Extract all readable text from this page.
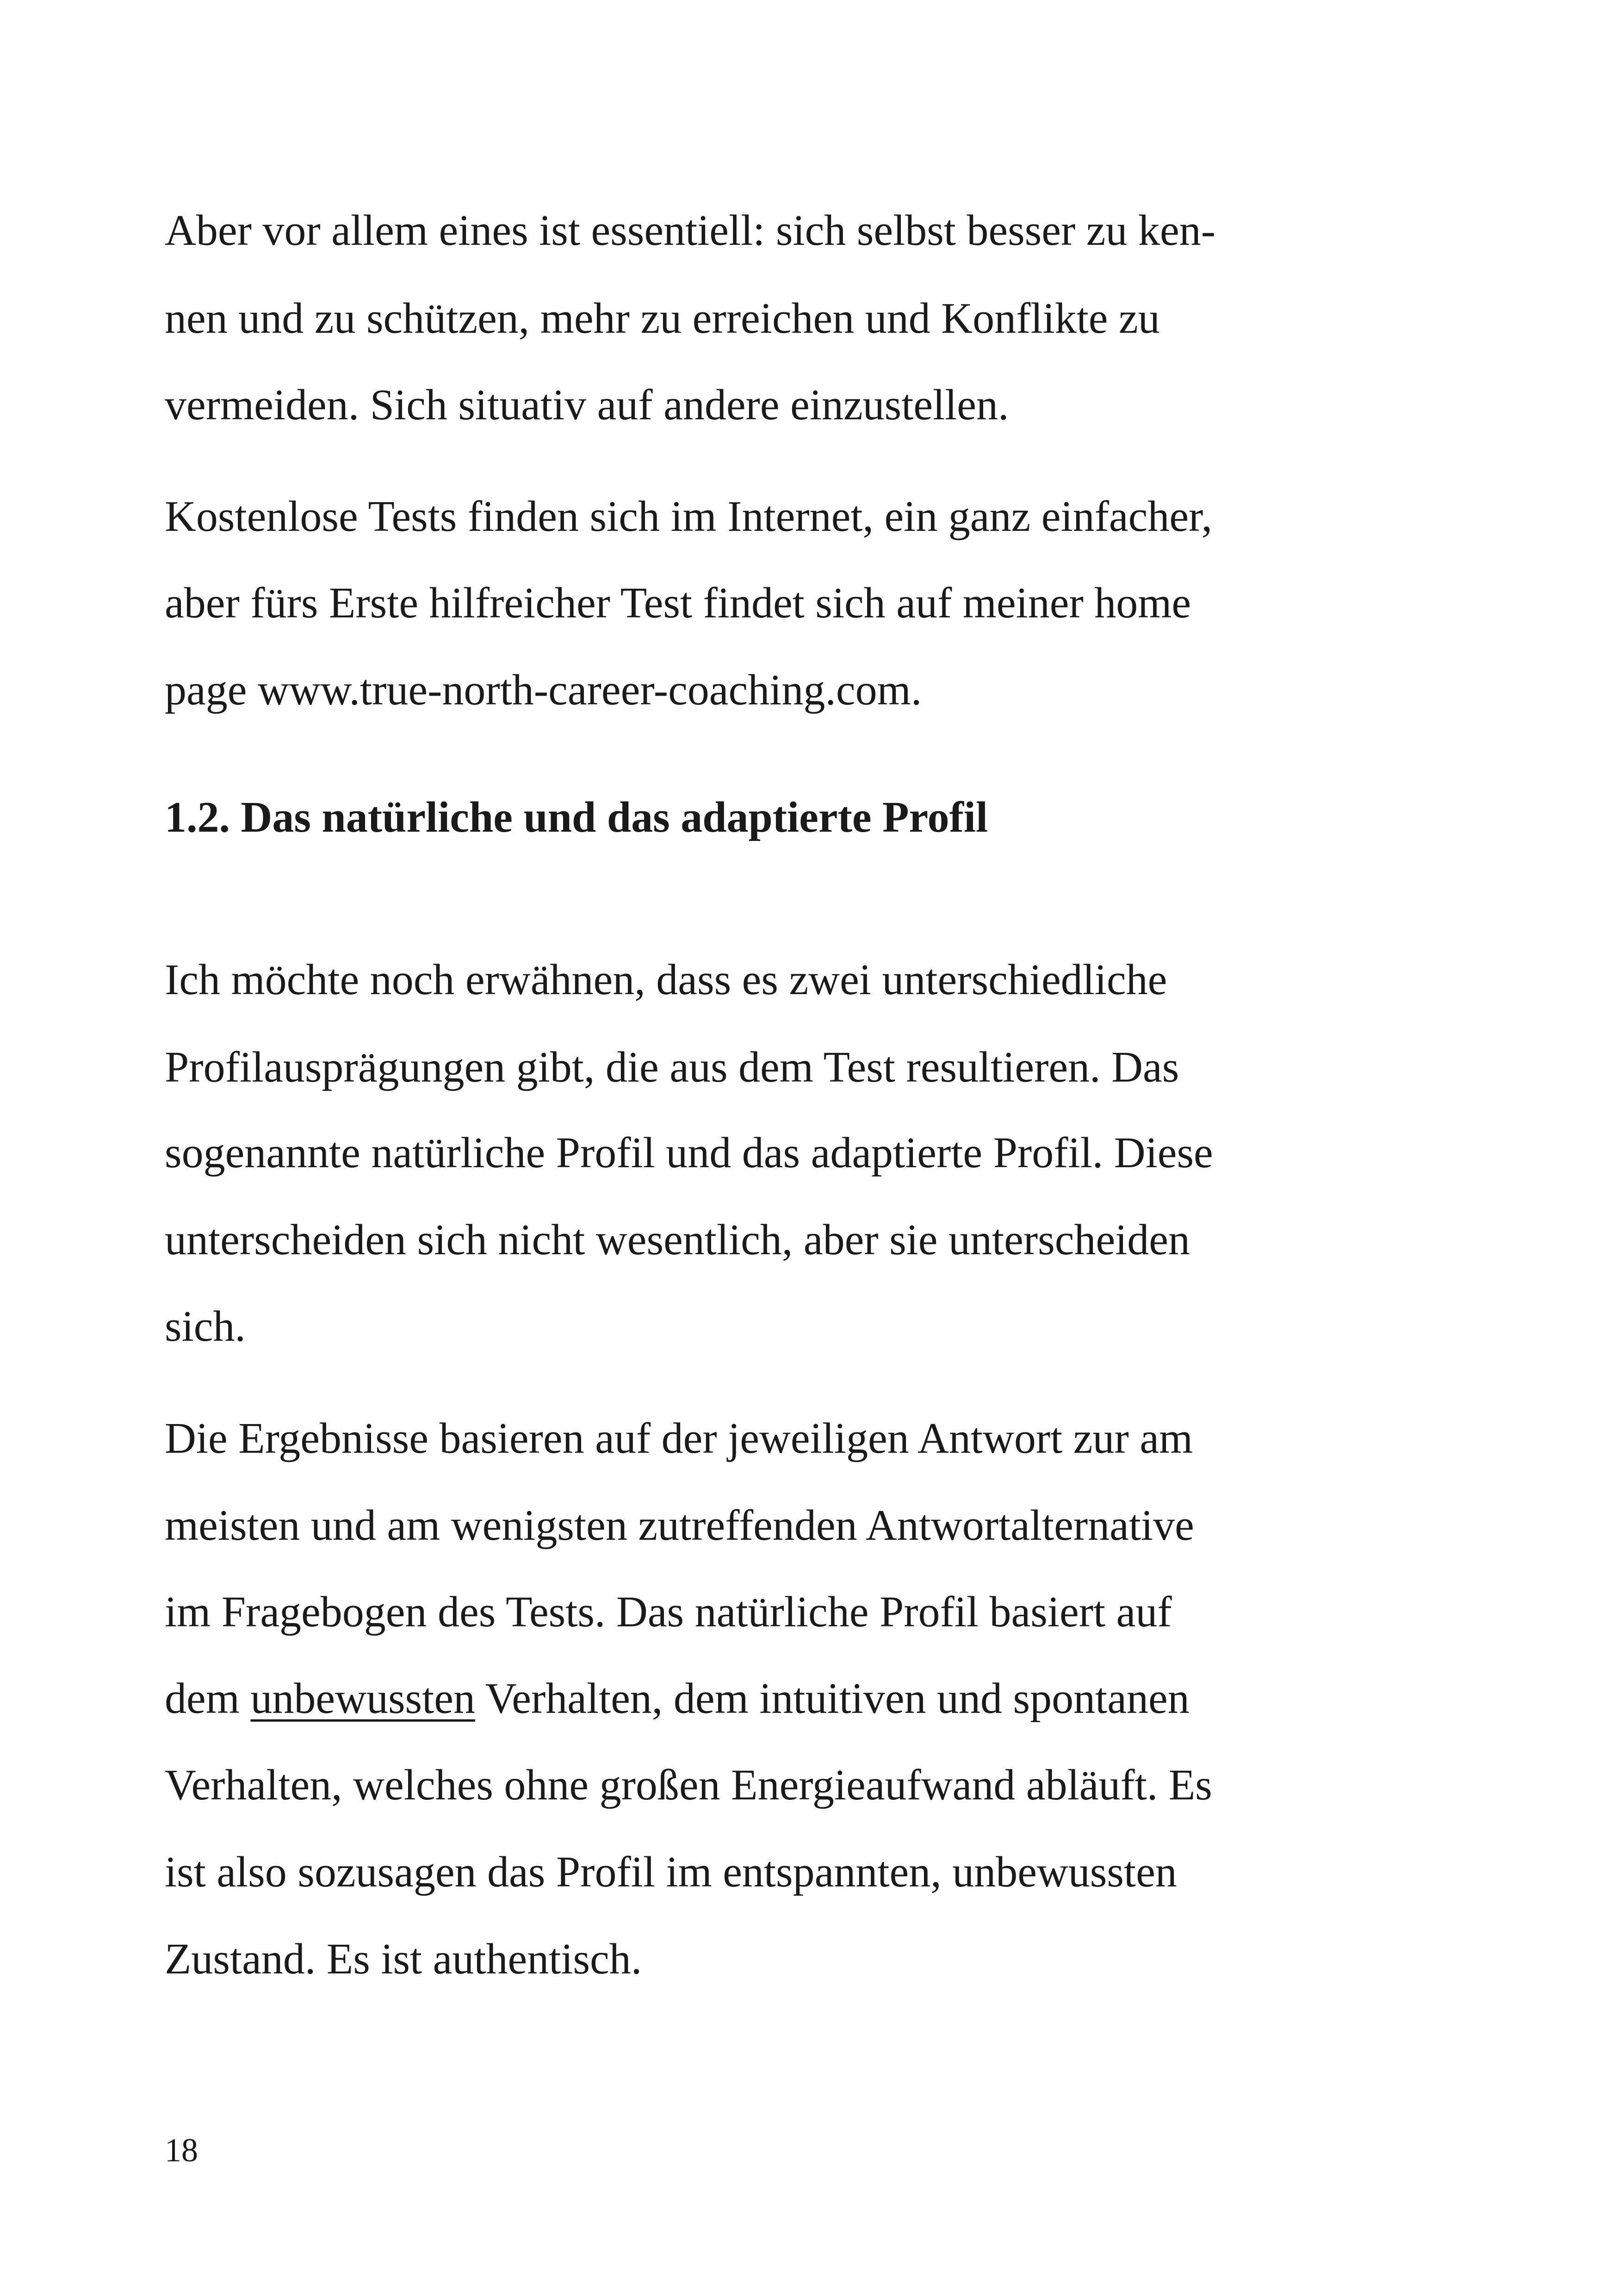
Aber vor allem eines ist essentiell: sich selbst besser zu ken-

nen und zu schützen, mehr zu erreichen und Konflikte zu

vermeiden. Sich situativ auf andere einzustellen.

Kostenlose Tests finden sich im Internet, ein ganz einfacher,

aber fürs Erste hilfreicher Test findet sich auf meiner home

page www.true-north-career-coaching.com.

1.2. Das natürliche und das adaptierte Profil

Ich möchte noch erwähnen, dass es zwei unterschiedliche

Profilausprägungen gibt, die aus dem Test resultieren. Das

sogenannte natürliche Profil und das adaptierte Profil. Diese

unterscheiden sich nicht wesentlich, aber sie unterscheiden

sich.

Die Ergebnisse basieren auf der jeweiligen Antwort zur am

meisten und am wenigsten zutreffenden Antwortalternative

im Fragebogen des Tests. Das natürliche Profil basiert auf

dem unbewussten Verhalten, dem intuitiven und spontanen

Verhalten, welches ohne großen Energieaufwand abläuft. Es

ist also sozusagen das Profil im entspannten, unbewussten

Zustand. Es ist authentisch.

18
